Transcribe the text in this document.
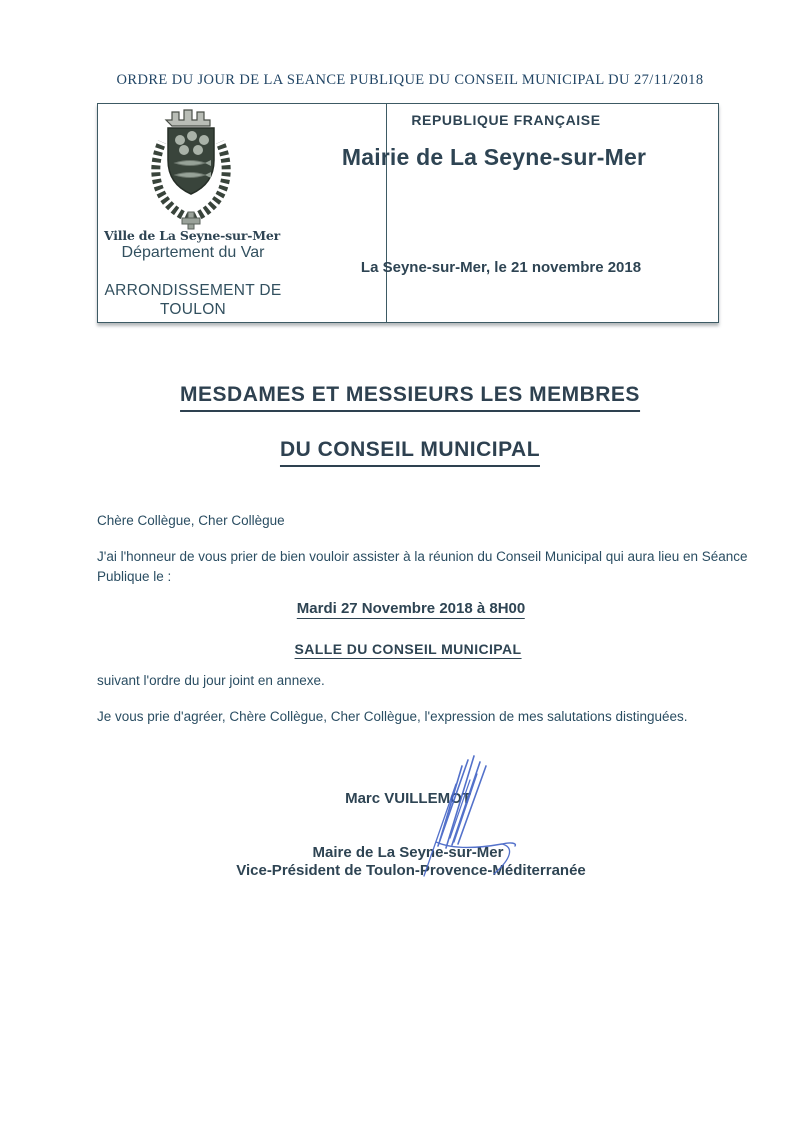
ORDRE DU JOUR DE LA SEANCE PUBLIQUE DU CONSEIL MUNICIPAL DU 27/11/2018
Ville de La Seyne-sur-Mer
Département du Var
ARRONDISSEMENT DE TOULON
REPUBLIQUE FRANÇAISE
Mairie de La Seyne-sur-Mer
La Seyne-sur-Mer, le 21 novembre 2018
MESDAMES ET MESSIEURS LES MEMBRES
DU CONSEIL MUNICIPAL

Chère Collègue, Cher Collègue

J'ai l'honneur de vous prier de bien vouloir assister à la réunion du Conseil Municipal qui aura lieu en Séance Publique le :

Mardi 27 Novembre 2018 à 8H00
SALLE DU CONSEIL MUNICIPAL

suivant l'ordre du jour joint en annexe.

Je vous prie d'agréer, Chère Collègue, Cher Collègue, l'expression de mes salutations distinguées.

Marc VUILLEMOT
Maire de La Seyne-sur-Mer
Vice-Président de Toulon-Provence-Méditerranée
